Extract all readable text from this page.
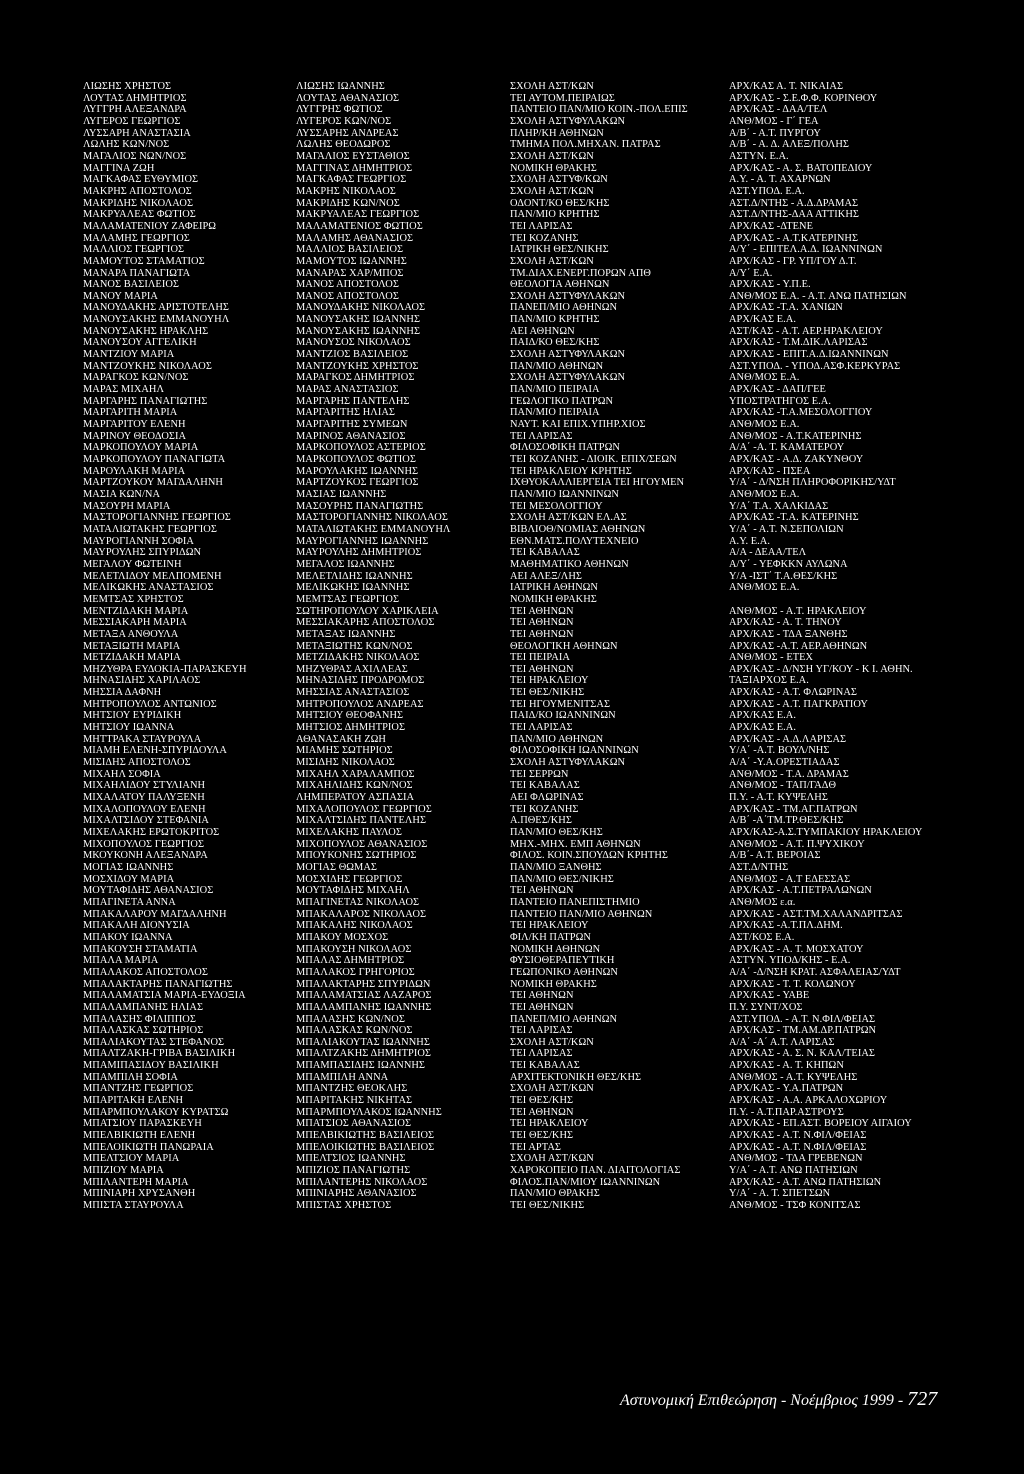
ΛΙΩΣΗΣ ΧΡΗΣΤΟΣ
ΛΟΥΤΑΣ ΔΗΜΗΤΡΙΟΣ
ΛΥΓΓΡΗ ΑΛΕΞΑΝΔΡΑ
ΛΥΓΕΡΟΣ ΓΕΩΡΓΙΟΣ
ΛΥΣΣΑΡΗ ΑΝΑΣΤΑΣΙΑ
ΛΩΛΗΣ ΚΩΝ/ΝΟΣ
ΜΑΓΑΛΙΟΣ ΝΩΝ/ΝΟΣ
ΜΑΓΓΙΝΑ ΖΩΗ
ΜΑΓΚΑΦΑΣ ΕΥΘΥΜΙΟΣ
ΜΑΚΡΗΣ ΑΠΟΣΤΟΛΟΣ
ΜΑΚΡΙΔΗΣ ΝΙΚΟΛΑΟΣ
ΜΑΚΡΥΑΛΕΑΣ ΦΩΤΙΟΣ
ΜΑΛΑΜΑΤΕΝΙΟΥ ΖΑΦΕΙΡΩ
ΜΑΛΑΜΗΣ ΓΕΩΡΓΙΟΣ
ΜΑΛΛΙΟΣ ΓΕΩΡΓΙΟΣ
ΜΑΜΟΥΤΟΣ ΣΤΑΜΑΤΙΟΣ
ΜΑΝΑΡΑ ΠΑΝΑΓΙΩΤΑ
ΜΑΝΟΣ ΒΑΣΙΛΕΙΟΣ
ΜΑΝΟΥ ΜΑΡΙΑ
ΜΑΝΟΥΔΑΚΗΣ ΑΡΙΣΤΟΤΕΛΗΣ
ΜΑΝΟΥΣΑΚΗΣ ΕΜΜΑΝΟΥΗΛ
ΜΑΝΟΥΣΑΚΗΣ ΗΡΑΚΛΗΣ
ΜΑΝΟΥΣΟΥ ΑΓΓΕΛΙΚΗ
ΜΑΝΤΖΙΟΥ ΜΑΡΙΑ
ΜΑΝΤΖΟΥΚΗΣ ΝΙΚΟΛΑΟΣ
ΜΑΡΑΓΚΟΣ ΚΩΝ/ΝΟΣ
ΜΑΡΑΣ ΜΙΧΑΗΛ
ΜΑΡΓΑΡΗΣ ΠΑΝΑΓΙΩΤΗΣ
ΜΑΡΓΑΡΙΤΗ ΜΑΡΙΑ
ΜΑΡΓΑΡΙΤΟΥ ΕΛΕΝΗ
ΜΑΡΙΝΟΥ ΘΕΟΔΟΣΙΑ
ΜΑΡΚΟΠΟΥΛΟΥ ΜΑΡΙΑ
ΜΑΡΚΟΠΟΥΛΟΥ ΠΑΝΑΓΙΩΤΑ
ΜΑΡΟΥΛΑΚΗ ΜΑΡΙΑ
ΜΑΡΤΖΟΥΚΟΥ ΜΑΓΔΑΛΗΝΗ
ΜΑΣΙΑ ΚΩΝ/ΝΑ
ΜΑΣΟΥΡΗ ΜΑΡΙΑ
ΜΑΣΤΟΡΟΓΙΑΝΝΗΣ ΓΕΩΡΓΙΟΣ
ΜΑΤΑΛΙΩΤΑΚΗΣ ΓΕΩΡΓΙΟΣ
ΜΑΥΡΟΓΙΑΝΝΗ ΣΟΦΙΑ
ΜΑΥΡΟΥΛΗΣ ΣΠΥΡΙΔΩΝ
ΜΕΓΑΛΟΥ ΦΩΤΕΙΝΗ
ΜΕΛΕΤΛΙΔΟΥ ΜΕΛΠΟΜΕΝΗ
ΜΕΛΙΚΩΚΗΣ ΑΝΑΣΤΑΣΙΟΣ
ΜΕΜΤΣΑΣ ΧΡΗΣΤΟΣ
ΜΕΝΤΖΙΔΑΚΗ ΜΑΡΙΑ
ΜΕΣΣΙΑΚΑΡΗ ΜΑΡΙΑ
ΜΕΤΑΞΑ ΑΝΘΟΥΛΑ
ΜΕΤΑΞΙΩΤΗ ΜΑΡΙΑ
ΜΕΤΖΙΔΑΚΗ ΜΑΡΙΑ
ΜΗΖΥΘΡΑ ΕΥΔΟΚΙΑ-ΠΑΡΑΣΚΕΥΗ
ΜΗΝΑΣΙΔΗΣ ΧΑΡΙΛΑΟΣ
ΜΗΣΣΙΑ ΔΑΦΝΗ
ΜΗΤΡΟΠΟΥΛΟΣ ΑΝΤΩΝΙΟΣ
ΜΗΤΣΙΟΥ ΕΥΡΙΔΙΚΗ
ΜΗΤΣΙΟΥ ΙΩΑΝΝΑ
ΜΗΤΤΡΑΚΑ ΣΤΑΥΡΟΥΛΑ
ΜΙΑΜΗ ΕΛΕΝΗ-ΣΠΥΡΙΔΟΥΛΑ
ΜΙΣΙΔΗΣ ΑΠΟΣΤΟΛΟΣ
ΜΙΧΑΗΛ ΣΟΦΙΑ
ΜΙΧΑΗΛΙΔΟΥ ΣΤΥΛΙΑΝΗ
ΜΙΧΑΛΑΤΟΥ ΠΑΛΥΞΕΝΗ
ΜΙΧΑΛΟΠΟΥΛΟΥ ΕΛΕΝΗ
ΜΙΧΑΛΤΣΙΔΟΥ ΣΤΕΦΑΝΙΑ
ΜΙΧΕΛΑΚΗΣ ΕΡΩΤΟΚΡΙΤΟΣ
ΜΙΧΟΠΟΥΛΟΣ ΓΕΩΡΓΙΟΣ
ΜΚΟΥΚΟΝΗ ΑΛΕΞΑΝΔΡΑ
ΜΟΓΙΑΣ ΙΩΑΝΝΗΣ
ΜΟΣΧΙΔΟΥ ΜΑΡΙΑ
ΜΟΥΤΑΦΙΔΗΣ ΑΘΑΝΑΣΙΟΣ
ΜΠΑΓΙΝΕΤΑ ΑΝΝΑ
ΜΠΑΚΑΛΑΡΟΥ ΜΑΓΔΑΛΗΝΗ
ΜΠΑΚΑΛΗ ΔΙΟΝΥΣΙΑ
ΜΠΑΚΟΥ ΙΩΑΝΝΑ
ΜΠΑΚΟΥΣΗ ΣΤΑΜΑΤΙΑ
ΜΠΑΛΑ ΜΑΡΙΑ
ΜΠΑΛΑΚΟΣ ΑΠΟΣΤΟΛΟΣ
ΜΠΑΛΑΚΤΑΡΗΣ ΠΑΝΑΓΙΩΤΗΣ
ΜΠΑΛΑΜΑΤΣΙΑ ΜΑΡΙΑ-ΕΥΔΟΞΙΑ
ΜΠΑΛΑΜΠΑΝΗΣ ΗΛΙΑΣ
ΜΠΑΛΑΣΗΣ ΦΙΛΙΠΠΟΣ
ΜΠΑΛΑΣΚΑΣ ΣΩΤΗΡΙΟΣ
ΜΠΑΛΙΑΚΟΥΤΑΣ ΣΤΕΦΑΝΟΣ
ΜΠΑΛΤΖΑΚΗ-ΓΡΙΒΑ ΒΑΣΙΛΙΚΗ
ΜΠΑΜΙΠΑΣΙΔΟΥ ΒΑΣΙΛΙΚΗ
ΜΠΑΜΠΙΛΗ ΣΟΦΙΑ
ΜΠΑΝΤΖΗΣ ΓΕΩΡΓΙΟΣ
ΜΠΑΡΙΤΑΚΗ ΕΛΕΝΗ
ΜΠΑΡΜΠΟΥΛΑΚΟΥ ΚΥΡΑΤΣΩ
ΜΠΑΤΣΙΟΥ ΠΑΡΑΣΚΕΥΗ
ΜΠΕΛΒΙΚΙΩΤΗ ΕΛΕΝΗ
ΜΠΕΛΟΙΚΙΩΤΗ ΠΑΝΩΡΑΙΑ
ΜΠΕΛΤΣΙΟΥ ΜΑΡΙΑ
ΜΠΙΖΙΟΥ ΜΑΡΙΑ
ΜΠΙΛΑΝΤΕΡΗ ΜΑΡΙΑ
ΜΠΙΝΙΑΡΗ ΧΡΥΣΑΝΘΗ
ΜΠΙΣΤΑ ΣΤΑΥΡΟΥΛΑ
ΛΙΩΣΗΣ ΙΩΑΝΝΗΣ
ΛΟΥΤΑΣ ΑΘΑΝΑΣΙΟΣ
ΛΥΓΓΡΗΣ ΦΩΤΙΟΣ
ΛΥΓΕΡΟΣ ΚΩΝ/ΝΟΣ
ΛΥΣΣΑΡΗΣ ΑΝΔΡΕΑΣ
ΛΩΛΗΣ ΘΕΟΔΩΡΟΣ
ΜΑΓΑΛΙΟΣ ΕΥΣΤΑΘΙΟΣ
ΜΑΓΓΙΝΑΣ ΔΗΜΗΤΡΙΟΣ
ΜΑΓΚΑΦΑΣ ΓΕΩΡΓΙΟΣ
ΜΑΚΡΗΣ ΝΙΚΟΛΑΟΣ
ΜΑΚΡΙΔΗΣ ΚΩΝ/ΝΟΣ
ΜΑΚΡΥΑΛΕΑΣ ΓΕΩΡΓΙΟΣ
ΜΑΛΑΜΑΤΕΝΙΟΣ ΦΩΤΙΟΣ
ΜΑΛΑΜΗΣ ΑΘΑΝΑΣΙΟΣ
ΜΑΛΛΙΟΣ ΒΑΣΙΛΕΙΟΣ
ΜΑΜΟΥΤΟΣ ΙΩΑΝΝΗΣ
ΜΑΝΑΡΑΣ ΧΑΡ/ΜΠΟΣ
ΜΑΝΟΣ ΑΠΟΣΤΟΛΟΣ
ΜΑΝΟΣ ΑΠΟΣΤΟΛΟΣ
ΜΑΝΟΥΔΑΚΗΣ ΝΙΚΟΛΑΟΣ
ΜΑΝΟΥΣΑΚΗΣ ΙΩΑΝΝΗΣ
ΜΑΝΟΥΣΑΚΗΣ ΙΩΑΝΝΗΣ
ΜΑΝΟΥΣΟΣ ΝΙΚΟΛΑΟΣ
ΜΑΝΤΖΙΟΣ ΒΑΣΙΛΕΙΟΣ
ΜΑΝΤΖΟΥΚΗΣ ΧΡΗΣΤΟΣ
ΜΑΡΑΓΚΟΣ ΔΗΜΗΤΡΙΟΣ
ΜΑΡΑΣ ΑΝΑΣΤΑΣΙΟΣ
ΜΑΡΓΑΡΗΣ ΠΑΝΤΕΛΗΣ
ΜΑΡΓΑΡΙΤΗΣ ΗΛΙΑΣ
ΜΑΡΓΑΡΙΤΗΣ ΣΥΜΕΩΝ
ΜΑΡΙΝΟΣ ΑΘΑΝΑΣΙΟΣ
ΜΑΡΚΟΠΟΥΛΟΣ ΑΣΤΕΡΙΟΣ
ΜΑΡΚΟΠΟΥΛΟΣ ΦΩΤΙΟΣ
ΜΑΡΟΥΛΑΚΗΣ ΙΩΑΝΝΗΣ
ΜΑΡΤΖΟΥΚΟΣ ΓΕΩΡΓΙΟΣ
ΜΑΣΙΑΣ ΙΩΑΝΝΗΣ
ΜΑΣΟΥΡΗΣ ΠΑΝΑΓΙΩΤΗΣ
ΜΑΣΤΟΡΟΓΙΑΝΝΗΣ ΝΙΚΟΛΑΟΣ
ΜΑΤΑΛΙΩΤΑΚΗΣ ΕΜΜΑΝΟΥΗΛ
ΜΑΥΡΟΓΙΑΝΝΗΣ ΙΩΑΝΝΗΣ
ΜΑΥΡΟΥΛΗΣ ΔΗΜΗΤΡΙΟΣ
ΜΕΓΑΛΟΣ ΙΩΑΝΝΗΣ
ΜΕΛΕΤΛΙΔΗΣ ΙΩΑΝΝΗΣ
ΜΕΛΙΚΩΚΗΣ ΙΩΑΝΝΗΣ
ΜΕΜΤΣΑΣ ΓΕΩΡΓΙΟΣ
ΣΩΤΗΡΟΠΟΥΛΟΥ ΧΑΡΙΚΛΕΙΑ
ΜΕΣΣΙΑΚΑΡΗΣ ΑΠΟΣΤΟΛΟΣ
ΜΕΤΑΞΑΣ ΙΩΑΝΝΗΣ
ΜΕΤΑΞΙΩΤΗΣ ΚΩΝ/ΝΟΣ
ΜΕΤΖΙΔΑΚΗΣ ΝΙΚΟΛΑΟΣ
ΜΗΖΥΘΡΑΣ ΑΧΙΛΛΕΑΣ
ΜΗΝΑΣΙΔΗΣ ΠΡΟΔΡΟΜΟΣ
ΜΗΣΣΙΑΣ ΑΝΑΣΤΑΣΙΟΣ
ΜΗΤΡΟΠΟΥΛΟΣ ΑΝΔΡΕΑΣ
ΜΗΤΣΙΟΥ ΘΕΟΦΑΝΗΣ
ΜΗΤΣΙΟΣ ΔΗΜΗΤΡΙΟΣ
ΑΘΑΝΑΣΑΚΗ ΖΩΗ
ΜΙΑΜΗΣ ΣΩΤΗΡΙΟΣ
ΜΙΣΙΔΗΣ ΝΙΚΟΛΑΟΣ
ΜΙΧΑΗΛ ΧΑΡΑΛΑΜΠΟΣ
ΜΙΧΑΗΛΙΔΗΣ ΚΩΝ/ΝΟΣ
ΛΗΜΠΕΡΑΤΟΥ ΑΣΠΑΣΙΑ
ΜΙΧΑΛΟΠΟΥΛΟΣ ΓΕΩΡΓΙΟΣ
ΜΙΧΑΛΤΣΙΔΗΣ ΠΑΝΤΕΛΗΣ
ΜΙΧΕΛΑΚΗΣ ΠΑΥΛΟΣ
ΜΙΧΟΠΟΥΛΟΣ ΑΘΑΝΑΣΙΟΣ
ΜΠΟΥΚΟΝΗΣ ΣΩΤΗΡΙΟΣ
ΜΟΓΙΑΣ ΘΩΜΑΣ
ΜΟΣΧΙΔΗΣ ΓΕΩΡΓΙΟΣ
ΜΟΥΤΑΦΙΔΗΣ ΜΙΧΑΗΛ
ΜΠΑΓΙΝΕΤΑΣ ΝΙΚΟΛΑΟΣ
ΜΠΑΚΑΛΑΡΟΣ ΝΙΚΟΛΑΟΣ
ΜΠΑΚΑΛΗΣ ΝΙΚΟΛΑΟΣ
ΜΠΑΚΟΥ ΜΟΣΧΟΣ
ΜΠΑΚΟΥΣΗ ΝΙΚΟΛΑΟΣ
ΜΠΑΛΑΣ ΔΗΜΗΤΡΙΟΣ
ΜΠΑΛΑΚΟΣ ΓΡΗΓΟΡΙΟΣ
ΜΠΑΛΑΚΤΑΡΗΣ ΣΠΥΡΙΔΩΝ
ΜΠΑΛΑΜΑΤΣΙΑΣ ΛΑΖΑΡΟΣ
ΜΠΑΛΑΜΠΑΝΗΣ ΙΩΑΝΝΗΣ
ΜΠΑΛΑΣΗΣ ΚΩΝ/ΝΟΣ
ΜΠΑΛΑΣΚΑΣ ΚΩΝ/ΝΟΣ
ΜΠΑΛΙΑΚΟΥΤΑΣ ΙΩΑΝΝΗΣ
ΜΠΑΛΤΖΑΚΗΣ ΔΗΜΗΤΡΙΟΣ
ΜΠΑΜΠΑΣΙΔΗΣ ΙΩΑΝΝΗΣ
ΜΠΑΜΠΙΛΗ ΑΝΝΑ
ΜΠΑΝΤΖΗΣ ΘΕΟΚΛΗΣ
ΜΠΑΡΙΤΑΚΗΣ ΝΙΚΗΤΑΣ
ΜΠΑΡΜΠΟΥΛΑΚΟΣ ΙΩΑΝΝΗΣ
ΜΠΑΤΣΙΟΣ ΑΘΑΝΑΣΙΟΣ
ΜΠΕΛΒΙΚΙΩΤΗΣ ΒΑΣΙΛΕΙΟΣ
ΜΠΕΛΟΙΚΙΩΤΗΣ ΒΑΣΙΛΕΙΟΣ
ΜΠΕΛΤΣΙΟΣ ΙΩΑΝΝΗΣ
ΜΠΙΖΙΟΣ ΠΑΝΑΓΙΩΤΗΣ
ΜΠΙΛΑΝΤΕΡΗΣ ΝΙΚΟΛΑΟΣ
ΜΠΙΝΙΑΡΗΣ ΑΘΑΝΑΣΙΟΣ
ΜΠΙΣΤΑΣ ΧΡΗΣΤΟΣ
ΣΧΟΛΗ ΑΣΤ/ΚΩΝ
ΤΕΙ ΑΥΤΟΜ.ΠΕΙΡΑΙΩΣ
ΠΑΝΤΕΙΟ ΠΑΝ/ΜΙΟ ΚΟΙΝ.-ΠΟΛ.ΕΠΙΣ
ΣΧΟΛΗ ΑΣΤΥΦΥΛΑΚΩΝ
ΠΛΗΡ/ΚΗ ΑΘΗΝΩΝ
ΤΜΗΜΑ ΠΟΛ.ΜΗΧΑΝ. ΠΑΤΡΑΣ
ΣΧΟΛΗ ΑΣΤ/ΚΩΝ
ΝΟΜΙΚΗ ΘΡΑΚΗΣ
ΣΧΟΛΗ ΑΣΤΥΦ/ΚΩΝ
ΣΧΟΛΗ ΑΣΤ/ΚΩΝ
ΟΔΟΝΤ/ΚΟ ΘΕΣ/ΚΗΣ
ΠΑΝ/ΜΙΟ ΚΡΗΤΗΣ
ΤΕΙ ΛΑΡΙΣΑΣ
ΤΕΙ ΚΟΖΑΝΗΣ
ΙΑΤΡΙΚΗ ΘΕΣ/ΝΙΚΗΣ
ΣΧΟΛΗ ΑΣΤ/ΚΩΝ
ΤΜ.ΔΙΑΧ.ΕΝΕΡΓ.ΠΟΡΩΝ ΑΠΘ
ΘΕΟΛΟΓΙΑ ΑΘΗΝΩΝ
ΣΧΟΛΗ ΑΣΤΥΦΥΛΑΚΩΝ
ΠΑΝΕΠ/ΜΙΟ ΑΘΗΝΩΝ
ΠΑΝ/ΜΙΟ ΚΡΗΤΗΣ
ΑΕΙ ΑΘΗΝΩΝ
ΠΑΙΔ/ΚΟ ΘΕΣ/ΚΗΣ
ΣΧΟΛΗ ΑΣΤΥΦΥΛΑΚΩΝ
ΠΑΝ/ΜΙΟ ΑΘΗΝΩΝ
ΣΧΟΛΗ ΑΣΤΥΦΥΛΑΚΩΝ
ΠΑΝ/ΜΙΟ ΠΕΙΡΑΙΑ
ΓΕΩΛΟΓΙΚΟ ΠΑΤΡΩΝ
ΠΑΝ/ΜΙΟ ΠΕΙΡΑΙΑ
ΝΑΥΤ. ΚΑΙ ΕΠΙΧ.ΥΠΗΡ.ΧΙΟΣ
ΤΕΙ ΛΑΡΙΣΑΣ
ΦΙΛΟΣΟΦΙΚΗ ΠΑΤΡΩΝ
ΤΕΙ ΚΟΖΑΝΗΣ - ΔΙΟΙΚ. ΕΠΙΧ/ΣΕΩΝ
ΤΕΙ ΗΡΑΚΛΕΙΟΥ ΚΡΗΤΗΣ
ΙΧΘΥΟΚΑΛΛΙΕΡΓΕΙΑ ΤΕΙ ΗΓΟΥΜΕΝ
ΠΑΝ/ΜΙΟ ΙΩΑΝΝΙΝΩΝ
ΤΕΙ ΜΕΣΟΛΟΓΓΙΟΥ
ΣΧΟΛΗ ΑΣΤ/ΚΩΝ ΕΛ.ΑΣ
ΒΙΒΛΙΟΘ/ΝΟΜΙΑΣ ΑΘΗΝΩΝ
ΕΘΝ.ΜΑΤΣ.ΠΟΛΥΤΕΧΝΕΙΟ
ΤΕΙ ΚΑΒΑΛΑΣ
ΜΑΘΗΜΑΤΙΚΟ ΑΘΗΝΩΝ
ΑΕΙ ΑΛΕΞ/ΛΗΣ
ΙΑΤΡΙΚΗ ΑΘΗΝΩΝ
ΝΟΜΙΚΗ ΘΡΑΚΗΣ
ΤΕΙ ΑΘΗΝΩΝ
ΤΕΙ ΑΘΗΝΩΝ
ΤΕΙ ΑΘΗΝΩΝ
ΘΕΟΛΟΓΙΚΗ ΑΘΗΝΩΝ
ΤΕΙ ΠΕΙΡΑΙΑ
ΤΕΙ ΑΘΗΝΩΝ
ΤΕΙ ΗΡΑΚΛΕΙΟΥ
ΤΕΙ ΘΕΣ/ΝΙΚΗΣ
ΤΕΙ ΗΓΟΥΜΕΝΙΤΣΑΣ
ΠΑΙΔ/ΚΟ ΙΩΑΝΝΙΝΩΝ
ΤΕΙ ΛΑΡΙΣΑΣ
ΠΑΝ/ΜΙΟ ΑΘΗΝΩΝ
ΦΙΛΟΣΟΦΙΚΗ ΙΩΑΝΝΙΝΩΝ
ΣΧΟΛΗ ΑΣΤΥΦΥΛΑΚΩΝ
ΤΕΙ ΣΕΡΡΩΝ
ΤΕΙ ΚΑΒΑΛΑΣ
ΑΕΙ ΦΛΩΡΙΝΑΣ
ΤΕΙ ΚΟΖΑΝΗΣ
Α.ΠΘΕΣ/ΚΗΣ
ΠΑΝ/ΜΙΟ ΘΕΣ/ΚΗΣ
ΜΗΧ.-ΜΗΧ. ΕΜΠ ΑΘΗΝΩΝ
ΦΙΛΟΣ. ΚΟΙΝ.ΣΠΟΥΔΩΝ ΚΡΗΤΗΣ
ΠΑΝ/ΜΙΟ ΞΑΝΘΗΣ
ΠΑΝ/ΜΙΟ ΘΕΣ/ΝΙΚΗΣ
ΤΕΙ ΑΘΗΝΩΝ
ΠΑΝΤΕΙΟ ΠΑΝΕΠΙΣΤΗΜΙΟ
ΠΑΝΤΕΙΟ ΠΑΝ/ΜΙΟ ΑΘΗΝΩΝ
ΤΕΙ ΗΡΑΚΛΕΙΟΥ
ΦΙΛ/ΚΗ ΠΑΤΡΩΝ
ΝΟΜΙΚΗ ΑΘΗΝΩΝ
ΦΥΣΙΟΘΕΡΑΠΕΥΤΙΚΗ
ΓΕΩΠΟΝΙΚΟ ΑΘΗΝΩΝ
ΝΟΜΙΚΗ ΘΡΑΚΗΣ
ΤΕΙ ΑΘΗΝΩΝ
ΤΕΙ ΑΘΗΝΩΝ
ΠΑΝΕΠ/ΜΙΟ ΑΘΗΝΩΝ
ΤΕΙ ΛΑΡΙΣΑΣ
ΣΧΟΛΗ ΑΣΤ/ΚΩΝ
ΤΕΙ ΛΑΡΙΣΑΣ
ΤΕΙ ΚΑΒΑΛΑΣ
ΑΡΧΙΤΕΚΤΟΝΙΚΗ ΘΕΣ/ΚΗΣ
ΣΧΟΛΗ ΑΣΤ/ΚΩΝ
ΤΕΙ ΘΕΣ/ΚΗΣ
ΤΕΙ ΑΘΗΝΩΝ
ΤΕΙ ΗΡΑΚΛΕΙΟΥ
ΤΕΙ ΘΕΣ/ΚΗΣ
ΤΕΙ ΑΡΤΑΣ
ΣΧΟΛΗ ΑΣΤ/ΚΩΝ
ΧΑΡΟΚΟΠΕΙΟ ΠΑΝ. ΔΙΑΙΤΟΛΟΓΙΑΣ
ΦΙΛΟΣ.ΠΑΝ/ΜΙΟΥ ΙΩΑΝΝΙΝΩΝ
ΠΑΝ/ΜΙΟ ΘΡΑΚΗΣ
ΤΕΙ ΘΕΣ/ΝΙΚΗΣ
ΑΡΧ/ΚΑΣ Α. Τ. ΝΙΚΑΙΑΣ
ΑΡΧ/ΚΑΣ - Σ.Ε.Φ.Φ. ΚΟΡΙΝΘΟΥ
ΑΡΧ/ΚΑΣ - ΔΑΑ/ΤΕΛ
ΑΝΘ/ΜΟΣ - Γ΄ ΓΕΑ
Α/Β΄ - Α.Τ. ΠΥΡΓΟΥ
Α/Β΄ - Α. Δ. ΑΛΕΞ/ΠΟΛΗΣ
ΑΣΤΥΝ. Ε.Α.
ΑΡΧ/ΚΑΣ - Α. Σ. ΒΑΤΟΠΕΔΙΟΥ
Α.Υ. - Α. Τ. ΑΧΑΡΝΩΝ
ΑΣΤ.ΥΠΟΔ. Ε.Α.
ΑΣΤ.Δ/ΝΤΗΣ - Α.Δ.ΔΡΑΜΑΣ
ΑΣΤ.Δ/ΝΤΗΣ-ΔΑΑ ΑΤΤΙΚΗΣ
ΑΡΧ/ΚΑΣ -ΔΤΕΝΕ
ΑΡΧ/ΚΑΣ - Α.Τ.ΚΑΤΕΡΙΝΗΣ
Α/Υ΄ - ΕΠΙΤΕΛ.Α.Δ. ΙΩΑΝΝΙΝΩΝ
ΑΡΧ/ΚΑΣ - ΓΡ. ΥΠ/ΓΟΥ Δ.Τ.
Α/Υ΄ Ε.Α.
ΑΡΧ/ΚΑΣ - Υ.Π.Ε.
ΑΝΘ/ΜΟΣ Ε.Α. - Α.Τ. ΑΝΩ ΠΑΤΗΣΙΩΝ
ΑΡΧ/ΚΑΣ -Τ.Α. ΧΑΝΙΩΝ
ΑΡΧ/ΚΑΣ Ε.Α.
ΑΣΤ/ΚΑΣ - Α.Τ. ΑΕΡ.ΗΡΑΚΛΕΙΟΥ
ΑΡΧ/ΚΑΣ - Τ.Μ.ΔΙΚ.ΛΑΡΙΣΑΣ
ΑΡΧ/ΚΑΣ - ΕΠΙΤ.Α.Δ.ΙΩΑΝΝΙΝΩΝ
ΑΣΤ.ΥΠΟΔ. - ΥΠΟΔ.ΑΣΦ.ΚΕΡΚΥΡΑΣ
ΑΝΘ/ΜΟΣ Ε.Α.
ΑΡΧ/ΚΑΣ - ΔΑΠ/ΓΕΕ
ΥΠΟΣΤΡΑΤΗΓΟΣ Ε.Α.
ΑΡΧ/ΚΑΣ -Τ.Α.ΜΕΣΟΛΟΓΓΙΟΥ
ΑΝΘ/ΜΟΣ Ε.Α.
ΑΝΘ/ΜΟΣ - Α.Τ.ΚΑΤΕΡΙΝΗΣ
Α/Α΄ -Α. Τ. ΚΑΜΑΤΕΡΟΥ
ΑΡΧ/ΚΑΣ - Α.Δ. ΖΑΚΥΝΘΟΥ
ΑΡΧ/ΚΑΣ - ΠΣΕΑ
Υ/Α΄ - Δ/ΝΣΗ ΠΛΗΡΟΦΟΡΙΚΗΣ/ΥΔΤ
ΑΝΘ/ΜΟΣ Ε.Α.
Υ/Α΄ Τ.Α. ΧΑΛΚΙΔΑΣ
ΑΡΧ/ΚΑΣ -Τ.Α. ΚΑΤΕΡΙΝΗΣ
Υ/Α΄ - Α.Τ. Ν.ΣΕΠΟΛΙΩΝ
Α.Υ. Ε.Α.
Α/Α - ΔΕΑΑ/ΤΕΛ
Α/Υ΄ - ΥΕΦΚΚΝ ΑΥΛΩΝΑ
Υ/Α -ΙΣΤ΄ Τ.Α.ΘΕΣ/ΚΗΣ
ΑΝΘ/ΜΟΣ Ε.Α.
ΑΝΘ/ΜΟΣ - Α.Τ. ΗΡΑΚΛΕΙΟΥ
ΑΡΧ/ΚΑΣ - Α. Τ. ΤΗΝΟΥ
ΑΡΧ/ΚΑΣ - ΤΔΑ ΞΑΝΘΗΣ
ΑΡΧ/ΚΑΣ -Α.Τ. ΑΕΡ.ΑΘΗΝΩΝ
ΑΝΘ/ΜΟΣ - ΕΤΕΧ
ΑΡΧ/ΚΑΣ - Δ/ΝΣΗ ΥΓ/ΚΟΥ - Κ Ι. ΑΘΗΝ.
ΤΑΞΙΑΡΧΟΣ Ε.Α.
ΑΡΧ/ΚΑΣ - Α.Τ. ΦΛΩΡΙΝΑΣ
ΑΡΧ/ΚΑΣ - Α.Τ. ΠΑΓΚΡΑΤΙΟΥ
ΑΡΧ/ΚΑΣ Ε.Α.
ΑΡΧ/ΚΑΣ Ε.Α.
ΑΡΧ/ΚΑΣ - Α.Δ.ΛΑΡΙΣΑΣ
Υ/Α΄ -Α.Τ. ΒΟΥΛ/ΝΗΣ
Α/Α΄ -Υ.Α.ΟΡΕΣΤΙΑΔΑΣ
ΑΝΘ/ΜΟΣ - Τ.Α. ΔΡΑΜΑΣ
ΑΝΘ/ΜΟΣ - ΤΑΠ/ΓΑΔΘ
Π.Υ. - Α.Τ. ΚΥΨΕΛΗΣ
ΑΡΧ/ΚΑΣ - ΤΜ.ΑΓ.ΠΑΤΡΩΝ
Α/Β΄ -Α΄ΤΜ.ΤΡ.ΘΕΣ/ΚΗΣ
ΑΡΧ/ΚΑΣ-Α.Σ.ΤΥΜΠΑΚΙΟΥ ΗΡΑΚΛΕΙΟΥ
ΑΝΘ/ΜΟΣ - Α.Τ. Π.ΨΥΧΙΚΟΥ
Α/Β΄- Α.Τ. ΒΕΡΟΙΑΣ
ΑΣΤ.Δ/ΝΤΗΣ
ΑΝΘ/ΜΟΣ - Α.Τ ΕΔΕΣΣΑΣ
ΑΡΧ/ΚΑΣ - Α.Τ.ΠΕΤΡΑΛΩΝΩΝ
ΑΝΘ/ΜΟΣ ε.α.
ΑΡΧ/ΚΑΣ - ΑΣΤ.ΤΜ.ΧΑΛΑΝΔΡΙΤΣΑΣ
ΑΡΧ/ΚΑΣ -Α.Τ.ΠΛ.ΔΗΜ.
ΑΣΤ/ΚΟΣ Ε.Α.
ΑΡΧ/ΚΑΣ - Α. Τ. ΜΟΣΧΑΤΟΥ
ΑΣΤΥΝ. ΥΠΟΔ/ΚΗΣ - Ε.Α.
Α/Α΄ -Δ/ΝΣΗ ΚΡΑΤ. ΑΣΦΑΛΕΙΑΣ/ΥΔΤ
ΑΡΧ/ΚΑΣ - Τ. Τ. ΚΟΛΩΝΟΥ
ΑΡΧ/ΚΑΣ - ΥΑΒΕ
Π.Υ. ΣΥΝΤ/ΧΟΣ
ΑΣΤ.ΥΠΟΔ. - Α.Τ. Ν.ΦΙΛ/ΦΕΙΑΣ
ΑΡΧ/ΚΑΣ - ΤΜ.ΑΜ.ΔΡ.ΠΑΤΡΩΝ
Α/Α΄ -Α΄ Α.Τ. ΛΑΡΙΣΑΣ
ΑΡΧ/ΚΑΣ - Α. Σ. Ν. ΚΑΛ/ΤΕΙΑΣ
ΑΡΧ/ΚΑΣ - Α. Τ. ΚΗΠΩΝ
ΑΝΘ/ΜΟΣ - Α.Τ. ΚΥΨΕΛΗΣ
ΑΡΧ/ΚΑΣ - Υ.Α.ΠΑΤΡΩΝ
ΑΡΧ/ΚΑΣ - Α.Α. ΑΡΚΑΛΟΧΩΡΙΟΥ
Π.Υ. - Α.Τ.ΠΑΡ.ΑΣΤΡΟΥΣ
ΑΡΧ/ΚΑΣ - ΕΠ.ΑΣΤ. ΒΟΡΕΙΟΥ ΑΙΓΑΙΟΥ
ΑΡΧ/ΚΑΣ - Α.Τ. Ν.ΦΙΛ/ΦΕΙΑΣ
ΑΡΧ/ΚΑΣ - Α.Τ. Ν.ΦΙΛ/ΦΕΙΑΣ
ΑΝΘ/ΜΟΣ - ΤΔΑ ΓΡΕΒΕΝΩΝ
Υ/Α΄ - Α.Τ. ΑΝΩ ΠΑΤΗΣΙΩΝ
ΑΡΧ/ΚΑΣ - Α.Τ. ΑΝΩ ΠΑΤΗΣΙΩΝ
Υ/Α΄ - Α. Τ. ΣΠΕΤΣΩΝ
ΑΝΘ/ΜΟΣ - ΤΣΦ ΚΟΝΙΤΣΑΣ
Αστυνομική Επιθεώρηση - Νοέμβριος 1999 - 727
